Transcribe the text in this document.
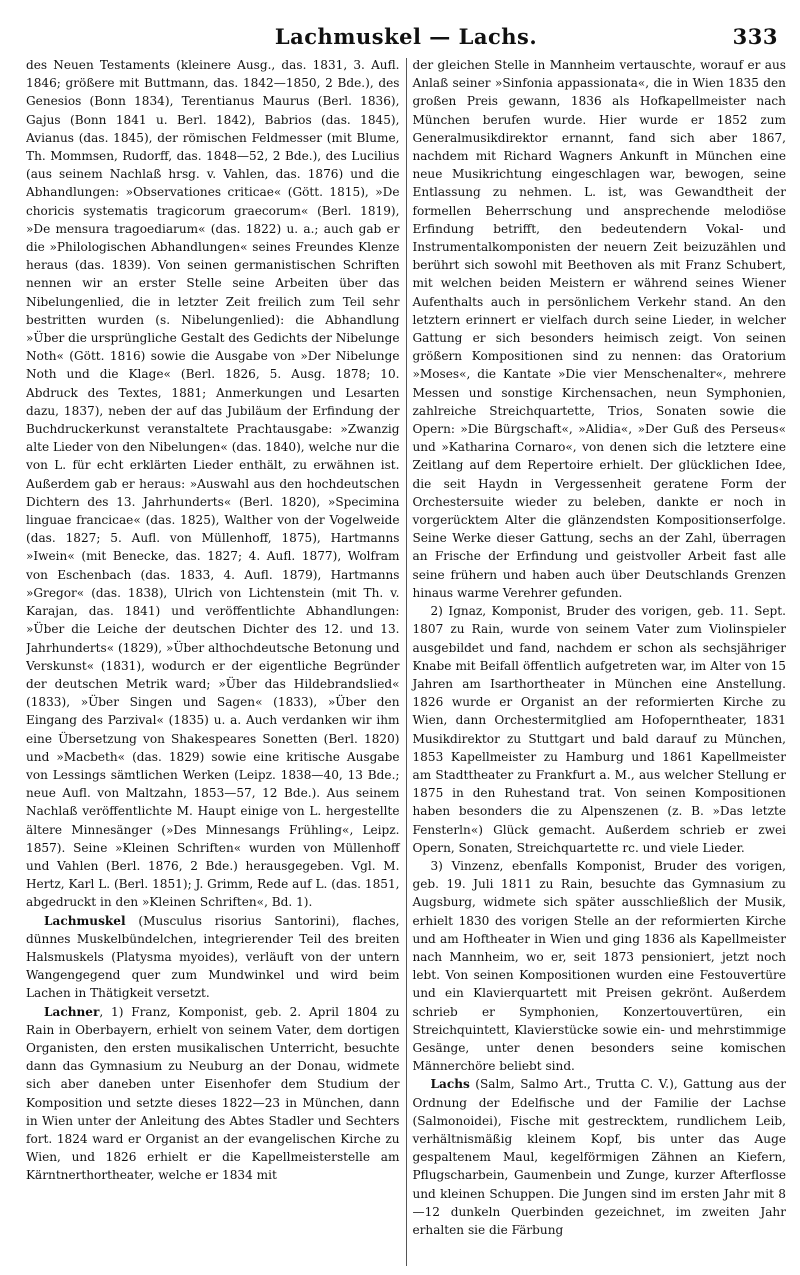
Lachmuskel — Lachs.	333

des Neuen Testaments (kleinere Ausg., das. 1831, 3. Aufl. 1846; größere mit Buttmann, das. 1842—1850, 2 Bde.), des Genesios (Bonn 1834), Terentianus Maurus (Berl. 1836), Gajus (Bonn 1841 u. Berl. 1842), Babrios (das. 1845), Avianus (das. 1845), der römischen Feldmesser (mit Blume, Th. Mommsen, Rudorff, das. 1848—52, 2 Bde.), des Lucilius (aus seinem Nachlaß hrsg. v. Vahlen, das. 1876) und die Abhandlungen: »Observationes criticae« (Gött. 1815), »De choricis systematis tragicorum graecorum« (Berl. 1819), »De mensura tragoediarum« (das. 1822) u. a.; auch gab er die »Philologischen Abhandlungen« seines Freundes Klenze heraus (das. 1839). Von seinen germanistischen Schriften nennen wir an erster Stelle seine Arbeiten über das Nibelungenlied, die in letzter Zeit freilich zum Teil sehr bestritten wurden (s. Nibelungenlied): die Abhandlung »Über die ursprüngliche Gestalt des Gedichts der Nibelunge Noth« (Gött. 1816) sowie die Ausgabe von »Der Nibelunge Noth und die Klage« (Berl. 1826, 5. Ausg. 1878; 10. Abdruck des Textes, 1881; Anmerkungen und Lesarten dazu, 1837), neben der auf das Jubiläum der Erfindung der Buchdruckerkunst veranstaltete Prachtausgabe: »Zwanzig alte Lieder von den Nibelungen« (das. 1840), welche nur die von L. für echt erklärten Lieder enthält, zu erwähnen ist. Außerdem gab er heraus: »Auswahl aus den hochdeutschen Dichtern des 13. Jahrhunderts« (Berl. 1820), »Specimina linguae francicae« (das. 1825), Walther von der Vogelweide (das. 1827; 5. Aufl. von Müllenhoff, 1875), Hartmanns »Iwein« (mit Benecke, das. 1827; 4. Aufl. 1877), Wolfram von Eschenbach (das. 1833, 4. Aufl. 1879), Hartmanns »Gregor« (das. 1838), Ulrich von Lichtenstein (mit Th. v. Karajan, das. 1841) und veröffentlichte Abhandlungen: »Über die Leiche der deutschen Dichter des 12. und 13. Jahrhunderts« (1829), »Über althochdeutsche Betonung und Verskunst« (1831), wodurch er der eigentliche Begründer der deutschen Metrik ward; »Über das Hildebrandslied« (1833), »Über Singen und Sagen« (1833), »Über den Eingang des Parzival« (1835) u. a. Auch verdanken wir ihm eine Übersetzung von Shakespeares Sonetten (Berl. 1820) und »Macbeth« (das. 1829) sowie eine kritische Ausgabe von Lessings sämtlichen Werken (Leipz. 1838—40, 13 Bde.; neue Aufl. von Maltzahn, 1853—57, 12 Bde.). Aus seinem Nachlaß veröffentlichte M. Haupt einige von L. hergestellte ältere Minnesänger (»Des Minnesangs Frühling«, Leipz. 1857). Seine »Kleinen Schriften« wurden von Müllenhoff und Vahlen (Berl. 1876, 2 Bde.) herausgegeben. Vgl. M. Hertz, Karl L. (Berl. 1851); J. Grimm, Rede auf L. (das. 1851, abgedruckt in den »Kleinen Schriften«, Bd. 1).

Lachmuskel (Musculus risorius Santorini), flaches, dünnes Muskelbündelchen, integrierender Teil des breiten Halsmuskels (Platysma myoides), verläuft von der untern Wangengegend quer zum Mundwinkel und wird beim Lachen in Thätigkeit versetzt.

Lachner, 1) Franz, Komponist, geb. 2. April 1804 zu Rain in Oberbayern, erhielt von seinem Vater, dem dortigen Organisten, den ersten musikalischen Unterricht, besuchte dann das Gymnasium zu Neuburg an der Donau, widmete sich aber daneben unter Eisenhofer dem Studium der Komposition und setzte dieses 1822—23 in München, dann in Wien unter der Anleitung des Abtes Stadler und Sechters fort. 1824 ward er Organist an der evangelischen Kirche zu Wien, und 1826 erhielt er die Kapellmeisterstelle am Kärntnerthortheater, welche er 1834 mit

der gleichen Stelle in Mannheim vertauschte, worauf er aus Anlaß seiner »Sinfonia appassionata«, die in Wien 1835 den großen Preis gewann, 1836 als Hofkapellmeister nach München berufen wurde. Hier wurde er 1852 zum Generalmusikdirektor ernannt, fand sich aber 1867, nachdem mit Richard Wagners Ankunft in München eine neue Musikrichtung eingeschlagen war, bewogen, seine Entlassung zu nehmen. L. ist, was Gewandtheit der formellen Beherrschung und ansprechende melodiöse Erfindung betrifft, den bedeutendern Vokal- und Instrumentalkomponisten der neuern Zeit beizuzählen und berührt sich sowohl mit Beethoven als mit Franz Schubert, mit welchen beiden Meistern er während seines Wiener Aufenthalts auch in persönlichem Verkehr stand. An den letztern erinnert er vielfach durch seine Lieder, in welcher Gattung er sich besonders heimisch zeigt. Von seinen größern Kompositionen sind zu nennen: das Oratorium »Moses«, die Kantate »Die vier Menschenalter«, mehrere Messen und sonstige Kirchensachen, neun Symphonien, zahlreiche Streichquartette, Trios, Sonaten sowie die Opern: »Die Bürgschaft«, »Alidia«, »Der Guß des Perseus« und »Katharina Cornaro«, von denen sich die letztere eine Zeitlang auf dem Repertoire erhielt. Der glücklichen Idee, die seit Haydn in Vergessenheit geratene Form der Orchestersuite wieder zu beleben, dankte er noch in vorgerücktem Alter die glänzendsten Kompositionserfolge. Seine Werke dieser Gattung, sechs an der Zahl, überragen an Frische der Erfindung und geistvoller Arbeit fast alle seine frühern und haben auch über Deutschlands Grenzen hinaus warme Verehrer gefunden.

2) Ignaz, Komponist, Bruder des vorigen, geb. 11. Sept. 1807 zu Rain, wurde von seinem Vater zum Violinspieler ausgebildet und fand, nachdem er schon als sechsjähriger Knabe mit Beifall öffentlich aufgetreten war, im Alter von 15 Jahren am Isarthortheater in München eine Anstellung. 1826 wurde er Organist an der reformierten Kirche zu Wien, dann Orchestermitglied am Hofoperntheater, 1831 Musikdirektor zu Stuttgart und bald darauf zu München, 1853 Kapellmeister zu Hamburg und 1861 Kapellmeister am Stadttheater zu Frankfurt a. M., aus welcher Stellung er 1875 in den Ruhestand trat. Von seinen Kompositionen haben besonders die zu Alpenszenen (z. B. »Das letzte Fensterln«) Glück gemacht. Außerdem schrieb er zwei Opern, Sonaten, Streichquartette rc. und viele Lieder.

3) Vinzenz, ebenfalls Komponist, Bruder des vorigen, geb. 19. Juli 1811 zu Rain, besuchte das Gymnasium zu Augsburg, widmete sich später ausschließlich der Musik, erhielt 1830 des vorigen Stelle an der reformierten Kirche und am Hoftheater in Wien und ging 1836 als Kapellmeister nach Mannheim, wo er, seit 1873 pensioniert, jetzt noch lebt. Von seinen Kompositionen wurden eine Festouvertüre und ein Klavierquartett mit Preisen gekrönt. Außerdem schrieb er Symphonien, Konzertouvertüren, ein Streichquintett, Klavierstücke sowie ein- und mehrstimmige Gesänge, unter denen besonders seine komischen Männerchöre beliebt sind.

Lachs (Salm, Salmo Art., Trutta C. V.), Gattung aus der Ordnung der Edelfische und der Familie der Lachse (Salmonoidei), Fische mit gestrecktem, rundlichem Leib, verhältnismäßig kleinem Kopf, bis unter das Auge gespaltenem Maul, kegelförmigen Zähnen an Kiefern, Pflugscharbein, Gaumenbein und Zunge, kurzer Afterflosse und kleinen Schuppen. Die Jungen sind im ersten Jahr mit 8—12 dunkeln Querbinden gezeichnet, im zweiten Jahr erhalten sie die Färbung
